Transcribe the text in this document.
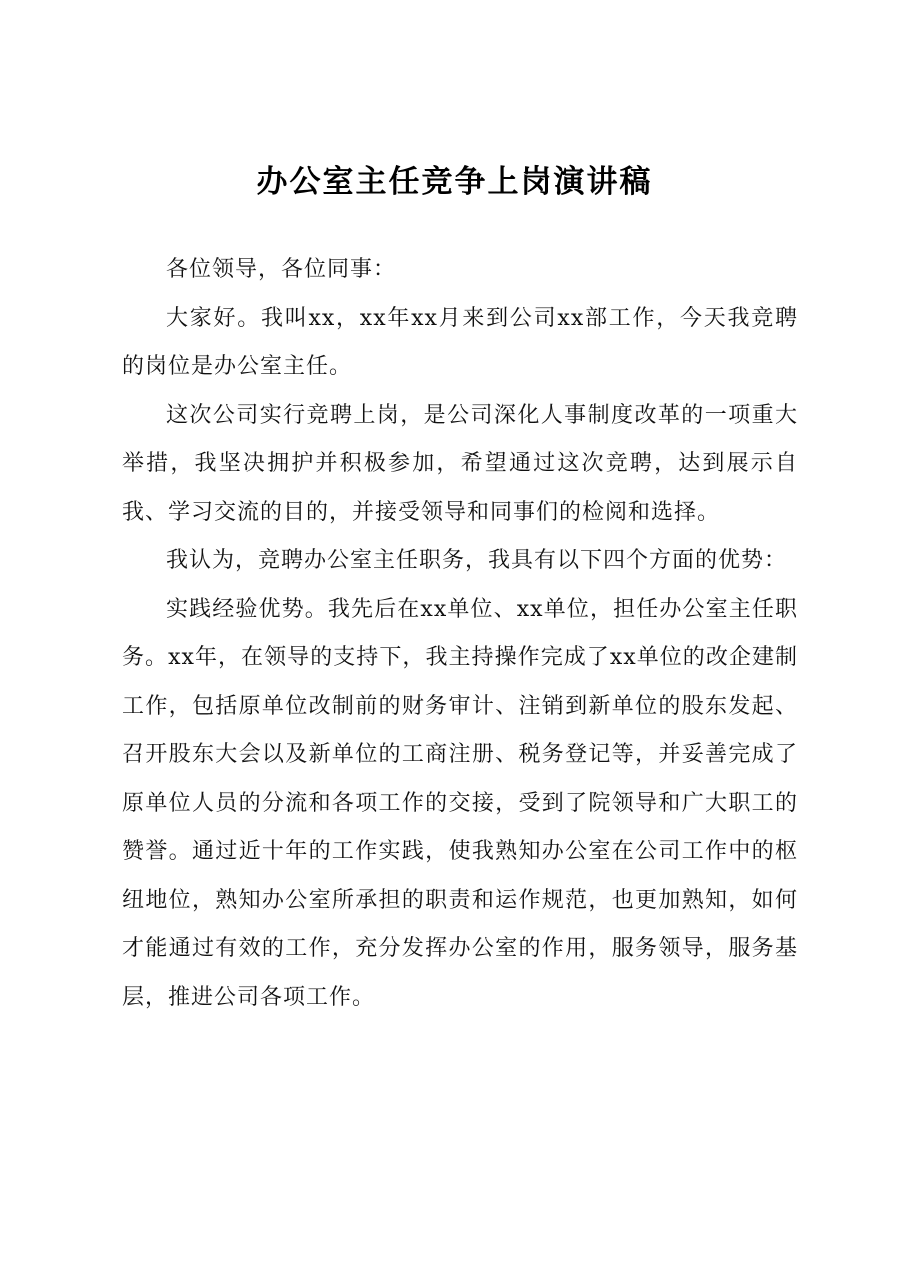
办公室主任竞争上岗演讲稿

各位领导，各位同事：

大家好。我叫xx，xx年xx月来到公司xx部工作，今天我竞聘的岗位是办公室主任。

这次公司实行竞聘上岗，是公司深化人事制度改革的一项重大举措，我坚决拥护并积极参加，希望通过这次竞聘，达到展示自我、学习交流的目的，并接受领导和同事们的检阅和选择。

我认为，竞聘办公室主任职务，我具有以下四个方面的优势：

实践经验优势。我先后在xx单位、xx单位，担任办公室主任职务。xx年，在领导的支持下，我主持操作完成了xx单位的改企建制工作，包括原单位改制前的财务审计、注销到新单位的股东发起、召开股东大会以及新单位的工商注册、税务登记等，并妥善完成了原单位人员的分流和各项工作的交接，受到了院领导和广大职工的赞誉。通过近十年的工作实践，使我熟知办公室在公司工作中的枢纽地位，熟知办公室所承担的职责和运作规范，也更加熟知，如何才能通过有效的工作，充分发挥办公室的作用，服务领导，服务基层，推进公司各项工作。
